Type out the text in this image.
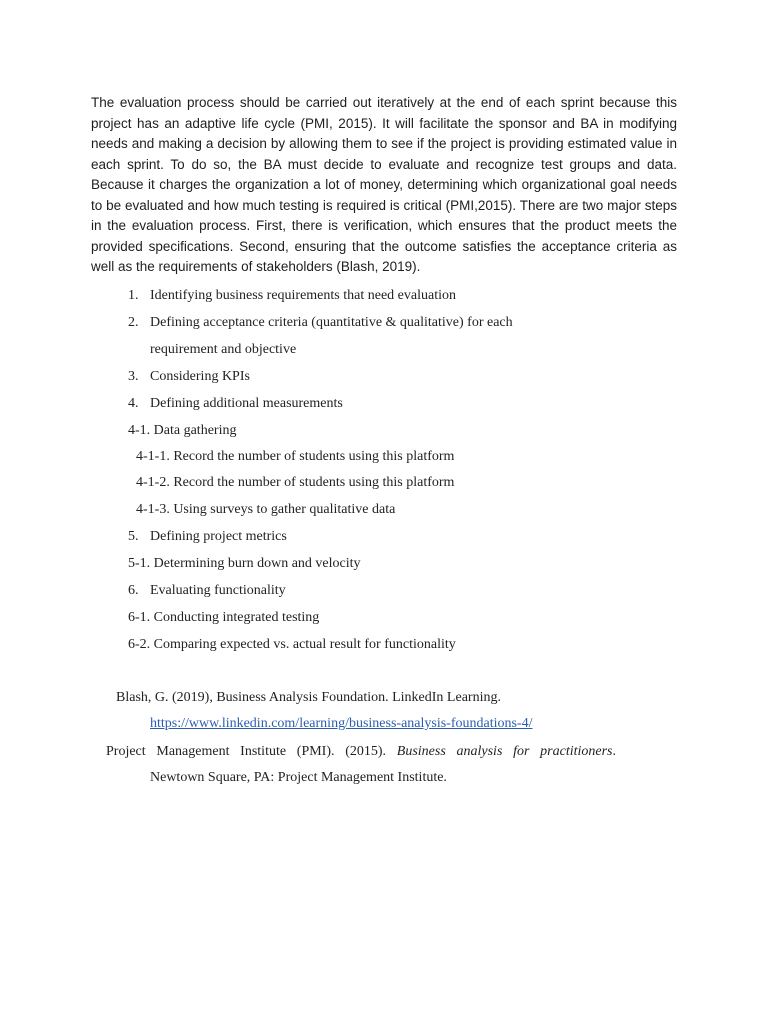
The evaluation process should be carried out iteratively at the end of each sprint because this project has an adaptive life cycle (PMI, 2015). It will facilitate the sponsor and BA in modifying needs and making a decision by allowing them to see if the project is providing estimated value in each sprint. To do so, the BA must decide to evaluate and recognize test groups and data. Because it charges the organization a lot of money, determining which organizational goal needs to be evaluated and how much testing is required is critical (PMI,2015). There are two major steps in the evaluation process. First, there is verification, which ensures that the product meets the provided specifications. Second, ensuring that the outcome satisfies the acceptance criteria as well as the requirements of stakeholders (Blash, 2019).

1. Identifying business requirements that need evaluation

2. Defining acceptance criteria (quantitative & qualitative) for each

requirement and objective

3. Considering KPIs

4. Defining additional measurements

4-1. Data gathering

4-1-1. Record the number of students using this platform

4-1-2. Record the number of students using this platform

4-1-3. Using surveys to gather qualitative data

5. Defining project metrics

5-1. Determining burn down and velocity

6. Evaluating functionality

6-1. Conducting integrated testing

6-2. Comparing expected vs. actual result for functionality

Blash, G. (2019), Business Analysis Foundation. LinkedIn Learning.

https://www.linkedin.com/learning/business-analysis-foundations-4/

Project Management Institute (PMI). (2015). Business analysis for practitioners.

Newtown Square, PA: Project Management Institute.
